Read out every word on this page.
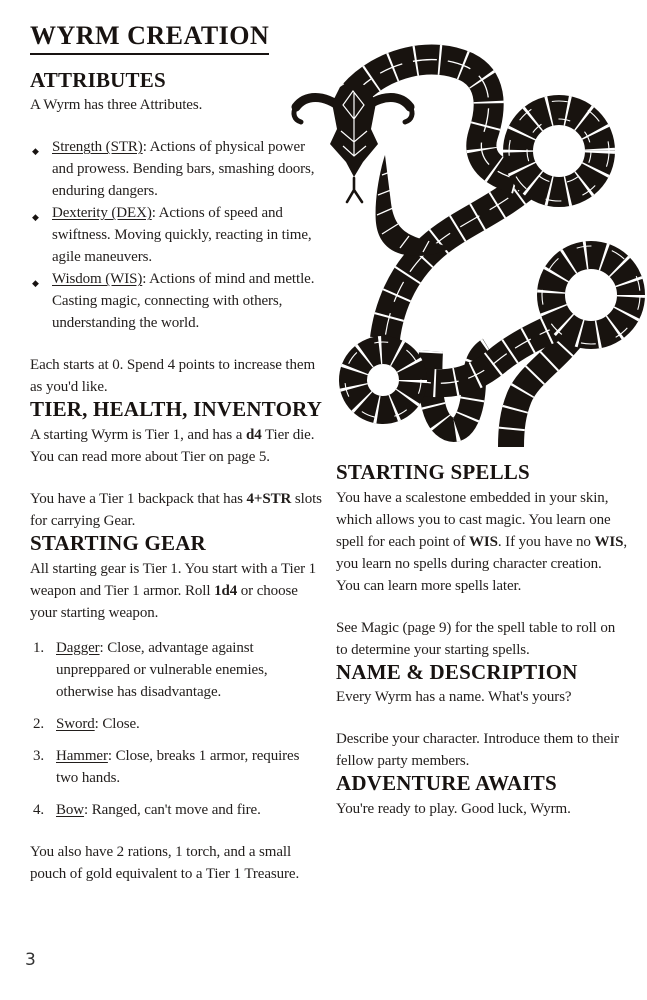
WYRM CREATION
ATTRIBUTES

A Wyrm has three Attributes.

◆ Strength (STR): Actions of physical power and prowess. Bending bars, smashing doors, enduring dangers.
◆ Dexterity (DEX): Actions of speed and swiftness. Moving quickly, reacting in time, agile maneuvers.
◆ Wisdom (WIS): Actions of mind and mettle. Casting magic, connecting with others, understanding the world.

Each starts at 0. Spend 4 points to increase them as you'd like.

TIER, HEALTH, INVENTORY

A starting Wyrm is Tier 1, and has a d4 Tier die. You can read more about Tier on page 5.

You have a Tier 1 backpack that has 4+STR slots for carrying Gear.

STARTING GEAR

All starting gear is Tier 1. You start with a Tier 1 weapon and Tier 1 armor. Roll 1d4 or choose your starting weapon.

1. Dagger: Close, advantage against unpreppared or vulnerable enemies, otherwise has disadvantage.
2. Sword: Close.
3. Hammer: Close, breaks 1 armor, requires two hands.
4. Bow: Ranged, can't move and fire.

You also have 2 rations, 1 torch, and a small pouch of gold equivalent to a Tier 1 Treasure.

STARTING SPELLS

You have a scalestone embedded in your skin, which allows you to cast magic. You learn one spell for each point of WIS. If you have no WIS, you learn no spells during character creation. You can learn more spells later.

See Magic (page 9) for the spell table to roll on to determine your starting spells.

NAME & DESCRIPTION

Every Wyrm has a name. What's yours?

Describe your character. Introduce them to their fellow party members.

ADVENTURE AWAITS

You're ready to play. Good luck, Wyrm.

3
